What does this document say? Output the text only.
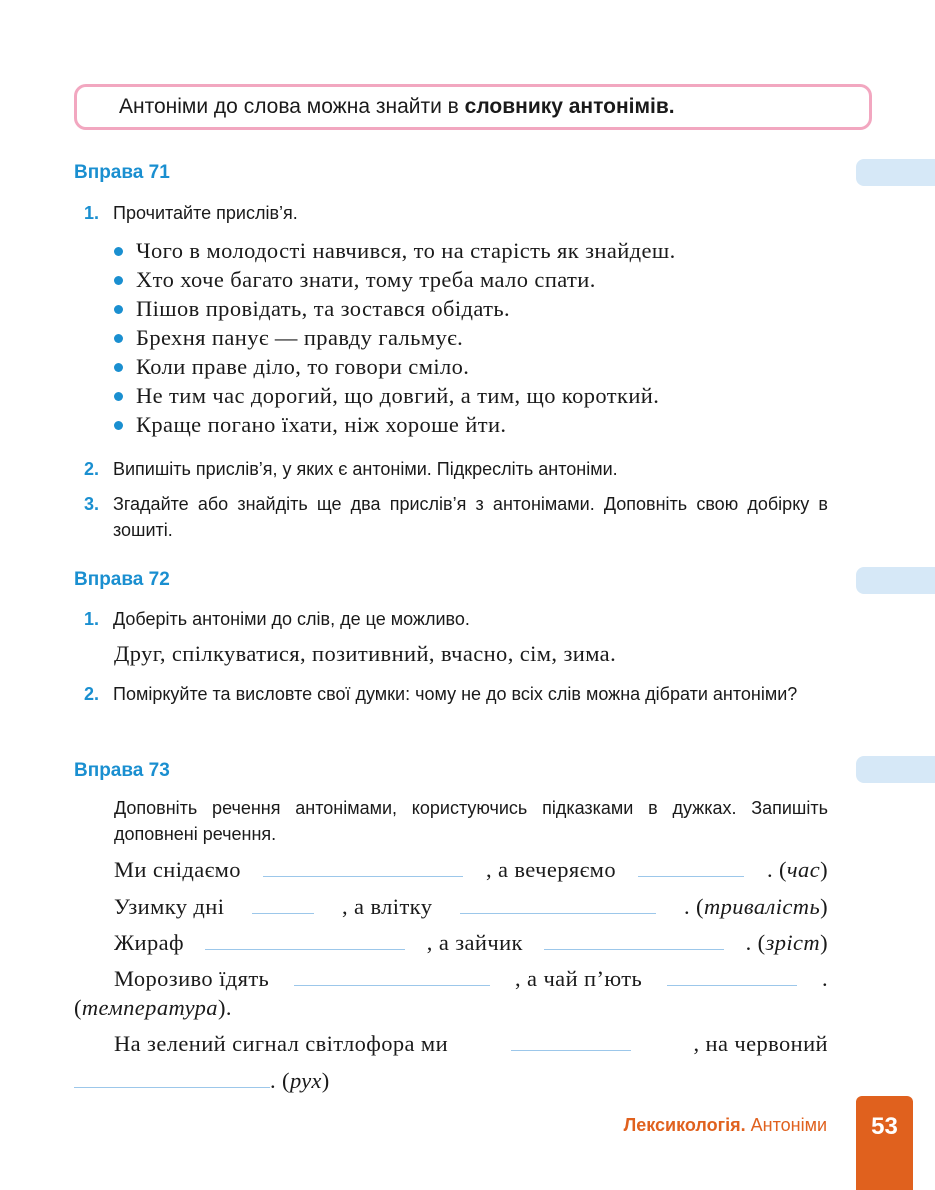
Антоніми до слова можна знайти в словнику антонімів.
Вправа 71
1. Прочитайте прислів’я.
Чого в молодості навчився, то на старість як знайдеш.
Хто хоче багато знати, тому треба мало спати.
Пішов провідать, та зостався обідать.
Брехня панує — правду гальмує.
Коли праве діло, то говори сміло.
Не тим час дорогий, що довгий, а тим, що короткий.
Краще погано їхати, ніж хороше йти.
2. Випишіть прислів’я, у яких є антоніми. Підкресліть антоніми.
3. Згадайте або знайдіть ще два прислів’я з антонімами. Доповніть свою добірку в зошиті.
Вправа 72
1. Доберіть антоніми до слів, де це можливо.
Друг, спілкуватися, позитивний, вчасно, сім, зима.
2. Поміркуйте та висловте свої думки: чому не до всіх слів можна дібрати антоніми?
Вправа 73
Доповніть речення антонімами, користуючись підказками в дужках. Запишіть доповнені речення.
Ми снідаємо	, а вечеряємо	. (час)
Узимку дні	, а влітку	. (тривалість)
Жираф	, а зайчик	. (зріст)
Морозиво їдять	, а чай п’ють	.
(температура).
На зелений сигнал світлофора ми	, на червоний
. (рух)
Лексикологія. Антоніми	53
